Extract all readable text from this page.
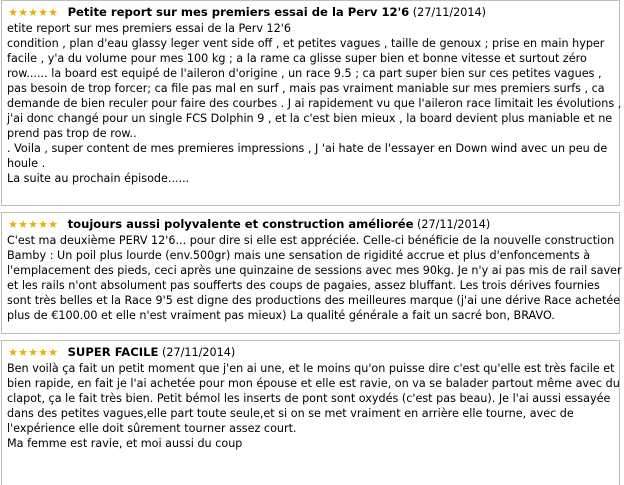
★★★★★ Petite report sur mes premiers essai de la Perv 12'6 (27/11/2014)
etite report sur mes premiers essai de la Perv 12'6
condition , plan d'eau glassy leger vent side off , et petites vagues , taille de genoux ; prise en main hyper
facile , y'a du volume pour mes 100 kg ; a la rame ca glisse super bien et bonne vitesse et surtout zéro
row...... la board est equipé de l'aileron d'origine , un race 9.5 ; ca part super bien sur ces petites vagues ,
pas besoin de trop forcer; ca file pas mal en surf , mais pas vraiment maniable sur mes premiers surfs , ca
demande de bien reculer pour faire des courbes . J ai rapidement vu que l'aileron race limitait les évolutions ,
j'ai donc changé pour un single FCS Dolphin 9 , et la c'est bien mieux , la board devient plus maniable et ne
prend pas trop de row..
. Voila , super content de mes premieres impressions , J 'ai hate de l'essayer en Down wind avec un peu de
houle .
La suite au prochain épisode......
★★★★★ toujours aussi polyvalente et construction améliorée (27/11/2014)
C'est ma deuxième PERV 12'6... pour dire si elle est appréciée. Celle-ci bénéficie de la nouvelle construction
Bamby : Un poil plus lourde (env.500gr) mais une sensation de rigidité accrue et plus d'enfoncements à
l'emplacement des pieds, ceci après une quinzaine de sessions avec mes 90kg. Je n'y ai pas mis de rail saver
et les rails n'ont absolument pas soufferts des coups de pagaies, assez bluffant. Les trois dérives fournies
sont très belles et la Race 9'5 est digne des productions des meilleures marque (j'ai une dérive Race achetée
plus de €100.00 et elle n'est vraiment pas mieux) La qualité générale a fait un sacré bon, BRAVO.
★★★★★ SUPER FACILE (27/11/2014)
Ben voilà ça fait un petit moment que j'en ai une, et le moins qu'on puisse dire c'est qu'elle est très facile et
bien rapide, en fait je l'ai achetée pour mon épouse et elle est ravie, on va se balader partout même avec du
clapot, ça le fait très bien. Petit bémol les inserts de pont sont oxydés (c'est pas beau). Je l'ai aussi essayée
dans des petites vagues,elle part toute seule,et si on se met vraiment en arrière elle tourne, avec de
l'expérience elle doit sûrement tourner assez court.
Ma femme est ravie, et moi aussi du coup
